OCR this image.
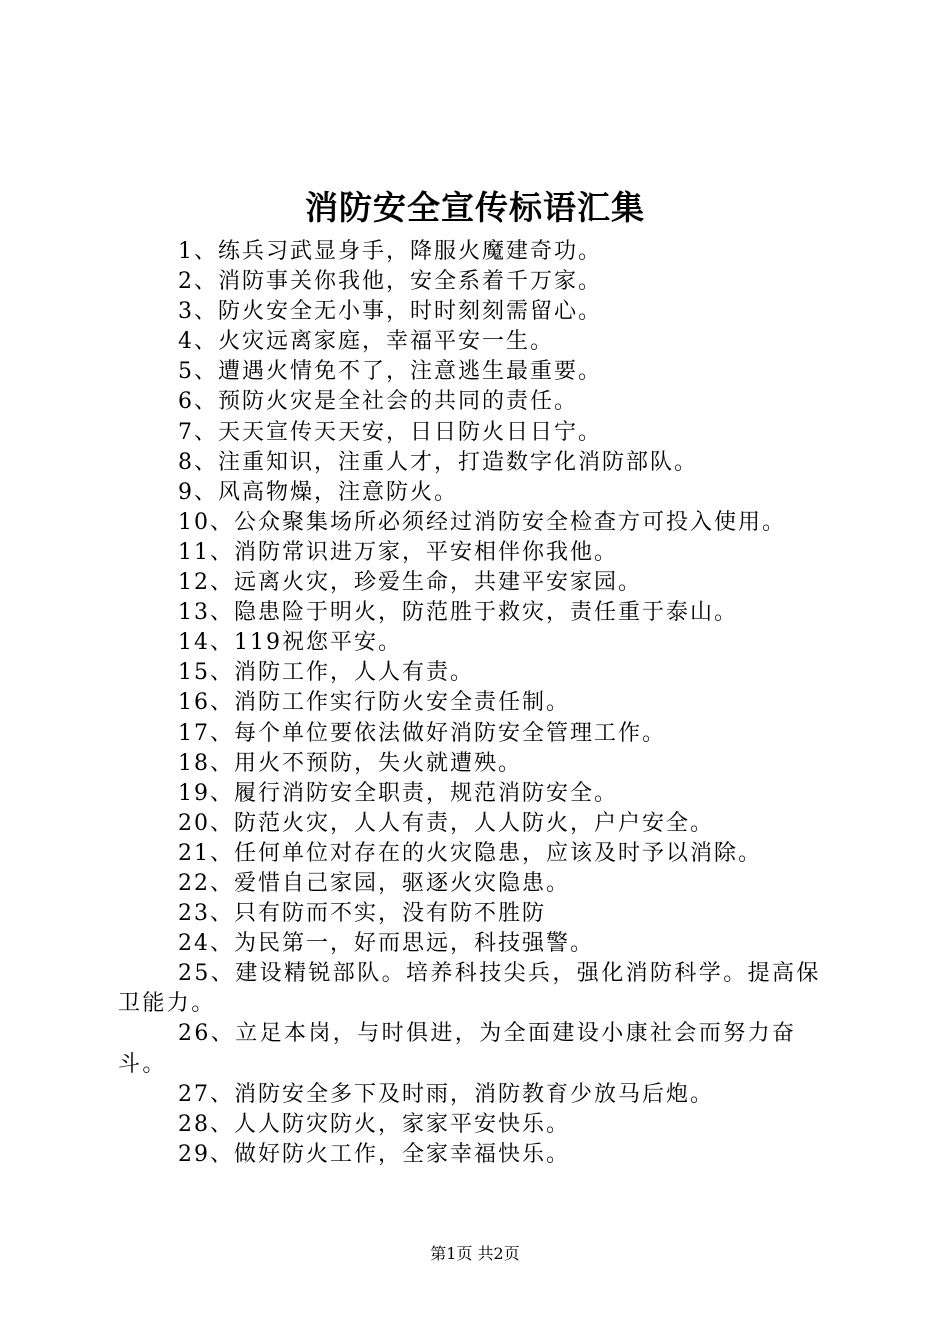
消防安全宣传标语汇集
1、练兵习武显身手，降服火魔建奇功。
2、消防事关你我他，安全系着千万家。
3、防火安全无小事，时时刻刻需留心。
4、火灾远离家庭，幸福平安一生。
5、遭遇火情免不了，注意逃生最重要。
6、预防火灾是全社会的共同的责任。
7、天天宣传天天安，日日防火日日宁。
8、注重知识，注重人才，打造数字化消防部队。
9、风高物燥，注意防火。
10、公众聚集场所必须经过消防安全检查方可投入使用。
11、消防常识进万家，平安相伴你我他。
12、远离火灾，珍爱生命，共建平安家园。
13、隐患险于明火，防范胜于救灾，责任重于泰山。
14、119祝您平安。
15、消防工作，人人有责。
16、消防工作实行防火安全责任制。
17、每个单位要依法做好消防安全管理工作。
18、用火不预防，失火就遭殃。
19、履行消防安全职责，规范消防安全。
20、防范火灾，人人有责，人人防火，户户安全。
21、任何单位对存在的火灾隐患，应该及时予以消除。
22、爱惜自己家园，驱逐火灾隐患。
23、只有防而不实，没有防不胜防
24、为民第一，好而思远，科技强警。
25、建设精锐部队。培养科技尖兵，强化消防科学。提高保卫能力。
26、立足本岗，与时俱进，为全面建设小康社会而努力奋斗。
27、消防安全多下及时雨，消防教育少放马后炮。
28、人人防灾防火，家家平安快乐。
29、做好防火工作，全家幸福快乐。
第1页 共2页
